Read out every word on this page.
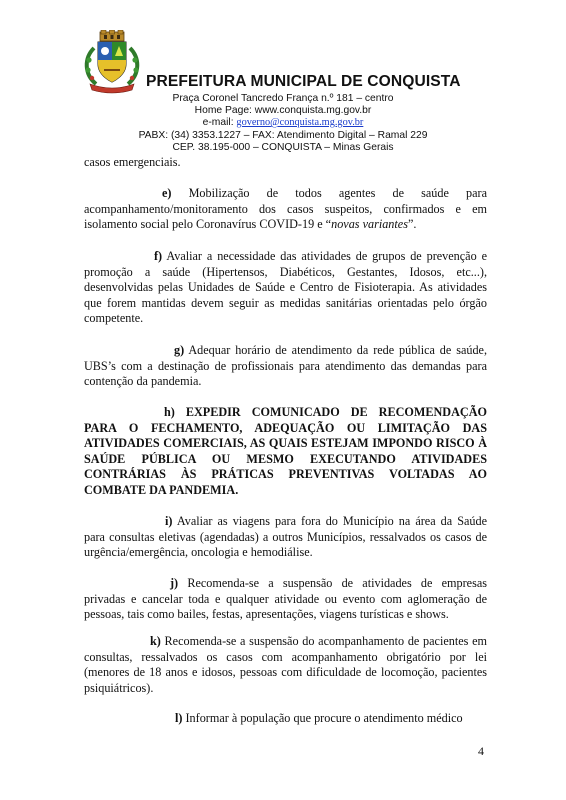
PREFEITURA MUNICIPAL DE CONQUISTA
Praça Coronel Tancredo França n.º 181 – centro
Home Page: www.conquista.mg.gov.br
e-mail: governo@conquista.mg.gov.br
PABX: (34) 3353.1227 – FAX: Atendimento Digital – Ramal 229
CEP. 38.195-000 – CONQUISTA – Minas Gerais

casos emergenciais.

e) Mobilização de todos agentes de saúde para acompanhamento/monitoramento dos casos suspeitos, confirmados e em isolamento social pelo Coronavírus COVID-19 e “novas variantes”.

f) Avaliar a necessidade das atividades de grupos de prevenção e promoção a saúde (Hipertensos, Diabéticos, Gestantes, Idosos, etc...), desenvolvidas pelas Unidades de Saúde e Centro de Fisioterapia. As atividades que forem mantidas devem seguir as medidas sanitárias orientadas pelo órgão competente.

g) Adequar horário de atendimento da rede pública de saúde, UBS’s com a destinação de profissionais para atendimento das demandas para contenção da pandemia.

h) EXPEDIR COMUNICADO DE RECOMENDAÇÃO PARA O FECHAMENTO, ADEQUAÇÃO OU LIMITAÇÃO DAS ATIVIDADES COMERCIAIS, AS QUAIS ESTEJAM IMPONDO RISCO À SAÚDE PÚBLICA OU MESMO EXECUTANDO ATIVIDADES CONTRÁRIAS ÀS PRÁTICAS PREVENTIVAS VOLTADAS AO COMBATE DA PANDEMIA.

i) Avaliar as viagens para fora do Município na área da Saúde para consultas eletivas (agendadas) a outros Municípios, ressalvados os casos de urgência/emergência, oncologia e hemodiálise.

j) Recomenda-se a suspensão de atividades de empresas privadas e cancelar toda e qualquer atividade ou evento com aglomeração de pessoas, tais como bailes, festas, apresentações, viagens turísticas e shows.

k) Recomenda-se a suspensão do acompanhamento de pacientes em consultas, ressalvados os casos com acompanhamento obrigatório por lei (menores de 18 anos e idosos, pessoas com dificuldade de locomoção, pacientes psiquiátricos).

l) Informar à população que procure o atendimento médico

4
